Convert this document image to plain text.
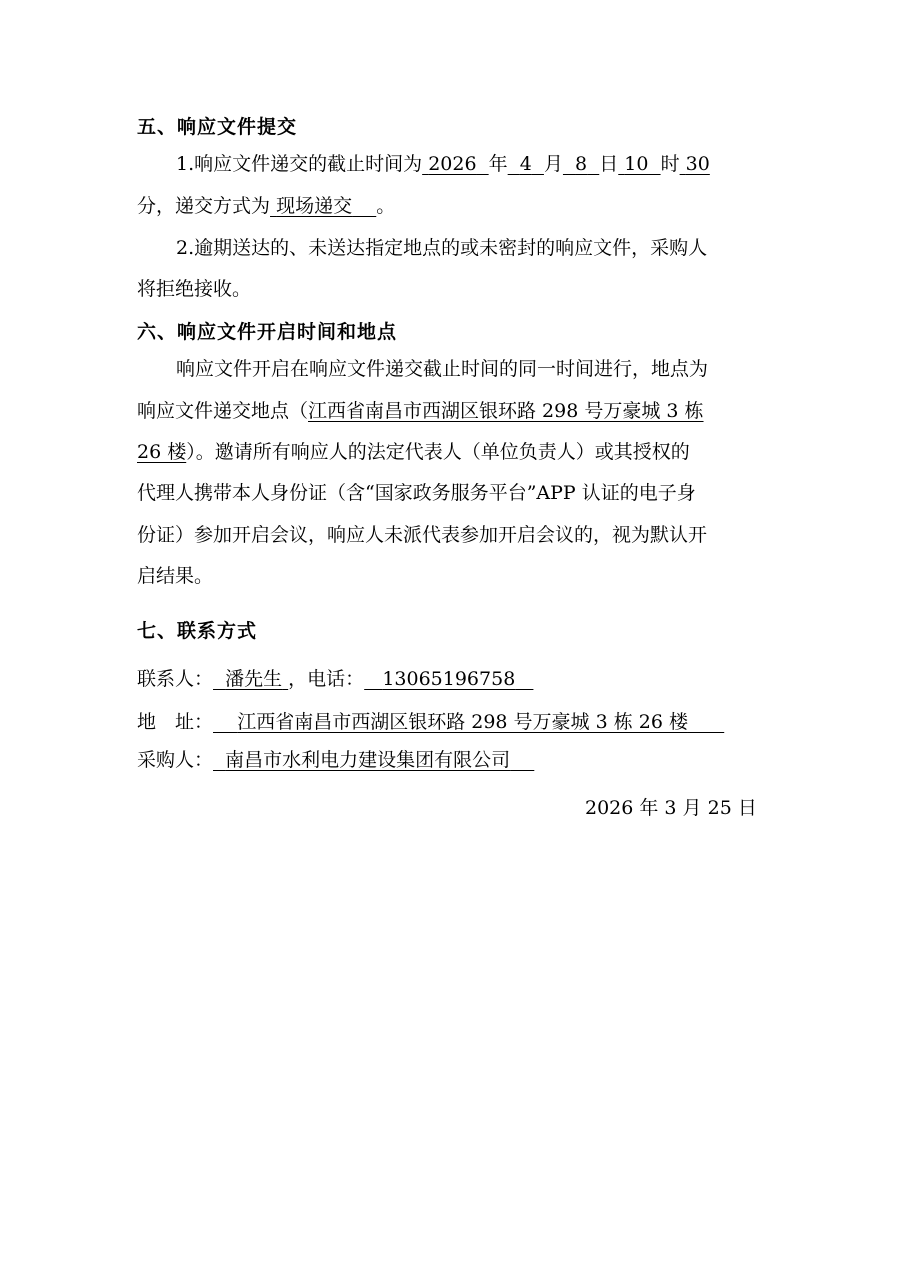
五、响应文件提交
1.响应文件递交的截止时间为 2026 年 4 月 8 日 10 时 30
分，递交方式为 现场递交 。
2.逾期送达的、未送达指定地点的或未密封的响应文件，采购人
将拒绝接收。
六、响应文件开启时间和地点
响应文件开启在响应文件递交截止时间的同一时间进行，地点为
响应文件递交地点（江西省南昌市西湖区银环路 298 号万豪城 3 栋
26 楼）。邀请所有响应人的法定代表人（单位负责人）或其授权的
代理人携带本人身份证（含“国家政务服务平台”APP 认证的电子身
份证）参加开启会议，响应人未派代表参加开启会议的，视为默认开
启结果。
七、联系方式
联系人： 潘先生 ，电话： 13065196758
地　址： 江西省南昌市西湖区银环路 298 号万豪城 3 栋 26 楼
采购人： 南昌市水利电力建设集团有限公司
2026 年 3 月 25 日
